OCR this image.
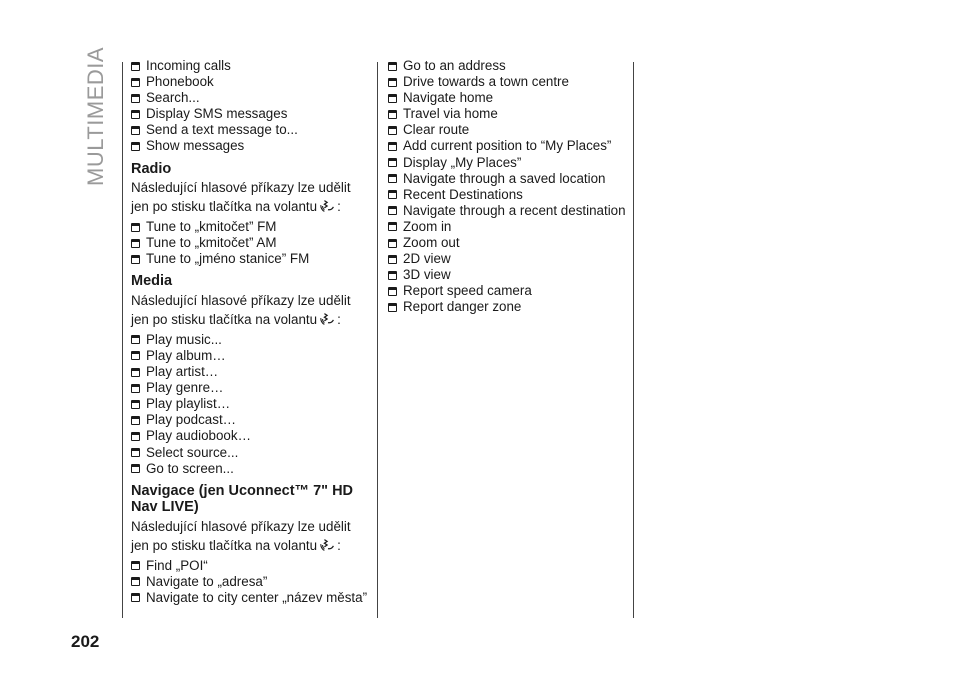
MULTIMEDIA	Incoming calls
Phonebook
Search...
Display SMS messages
Send a text message to...
Show messages
Radio

Následující hlasové příkazy lze udělit jen po stisku tlačítka na volantu :

Tune to „kmitočet” FM
Tune to „kmitočet” AM
Tune to „jméno stanice” FM
Media

Následující hlasové příkazy lze udělit jen po stisku tlačítka na volantu :

Play music...
Play album…
Play artist…
Play genre…
Play playlist…
Play podcast…
Play audiobook…
Select source...
Go to screen...
Navigace (jen Uconnect™ 7" HD Nav LIVE)

Následující hlasové příkazy lze udělit jen po stisku tlačítka na volantu :

Find „POI“
Navigate to „adresa”
Navigate to city center „název města”
Go to an address
Drive towards a town centre
Navigate home
Travel via home
Clear route
Add current position to “My Places”
Display „My Places”
Navigate through a saved location
Recent Destinations
Navigate through a recent destination
Zoom in
Zoom out
2D view
3D view
Report speed camera
Report danger zone
202
